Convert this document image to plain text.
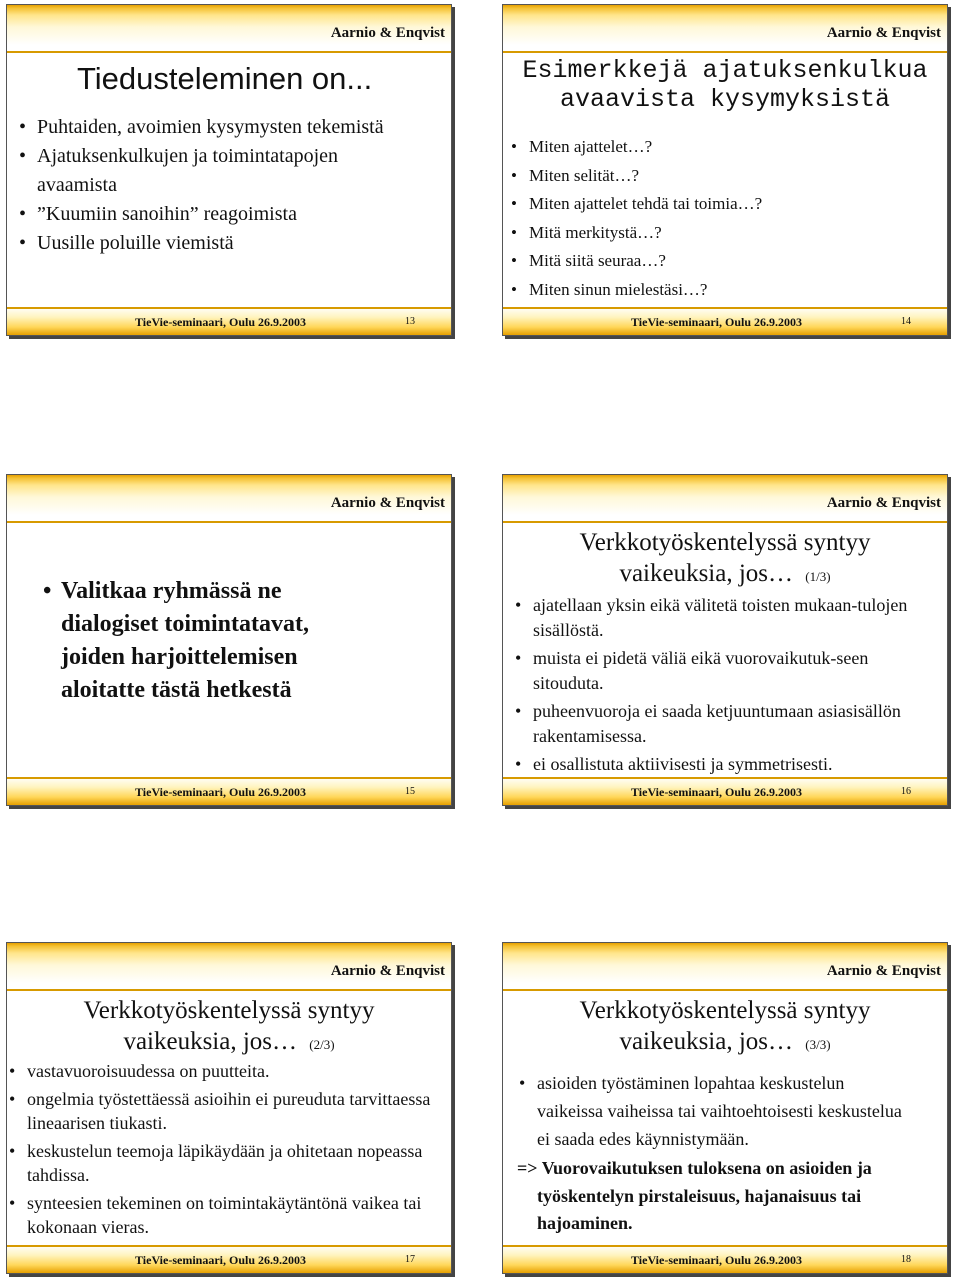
Aarnio & Enqvist
Tiedusteleminen on...
• Puhtaiden, avoimien kysymysten tekemistä
• Ajatuksenkulkujen ja toimintatapojen avaamista
• ”Kuumiin sanoihin” reagoimista
• Uusille poluille viemistä
TieVie-seminaari, Oulu 26.9.2003	13
Aarnio & Enqvist
Esimerkkejä ajatuksenkulkua
avaavista kysymyksistä
• Miten ajattelet…?
• Miten selität…?
• Miten ajattelet tehdä tai toimia…?
• Mitä merkitystä…?
• Mitä siitä seuraa…?
• Miten sinun mielestäsi…?
TieVie-seminaari, Oulu 26.9.2003	14
Aarnio & Enqvist
• Valitkaa ryhmässä ne dialogiset toimintatavat, joiden harjoittelemisen aloitatte tästä hetkestä
TieVie-seminaari, Oulu 26.9.2003	15
Aarnio & Enqvist
Verkkotyöskentelyssä syntyy
vaikeuksia, jos… (1/3)
• ajatellaan yksin eikä välitetä toisten mukaan-tulojen sisällöstä.
• muista ei pidetä väliä eikä vuorovaikutuk-seen sitouduta.
• puheenvuoroja ei saada ketjuuntumaan asiasisällön rakentamisessa.
• ei osallistuta aktiivisesti ja symmetrisesti.
TieVie-seminaari, Oulu 26.9.2003	16
Aarnio & Enqvist
Verkkotyöskentelyssä syntyy
vaikeuksia, jos… (2/3)
• vastavuoroisuudessa on puutteita.
• ongelmia työstettäessä asioihin ei pureuduta tarvittaessa lineaarisen tiukasti.
• keskustelun teemoja läpikäydään ja ohitetaan nopeassa tahdissa.
• synteesien tekeminen on toimintakäytäntönä vaikea tai kokonaan vieras.
TieVie-seminaari, Oulu 26.9.2003	17
Aarnio & Enqvist
Verkkotyöskentelyssä syntyy
vaikeuksia, jos… (3/3)
• asioiden työstäminen lopahtaa keskustelun vaikeissa vaiheissa tai vaihtoehtoisesti keskustelua ei saada edes käynnistymään.
=> Vuorovaikutuksen tuloksena on asioiden ja työskentelyn pirstaleisuus, hajanaisuus tai hajoaminen.
TieVie-seminaari, Oulu 26.9.2003	18
